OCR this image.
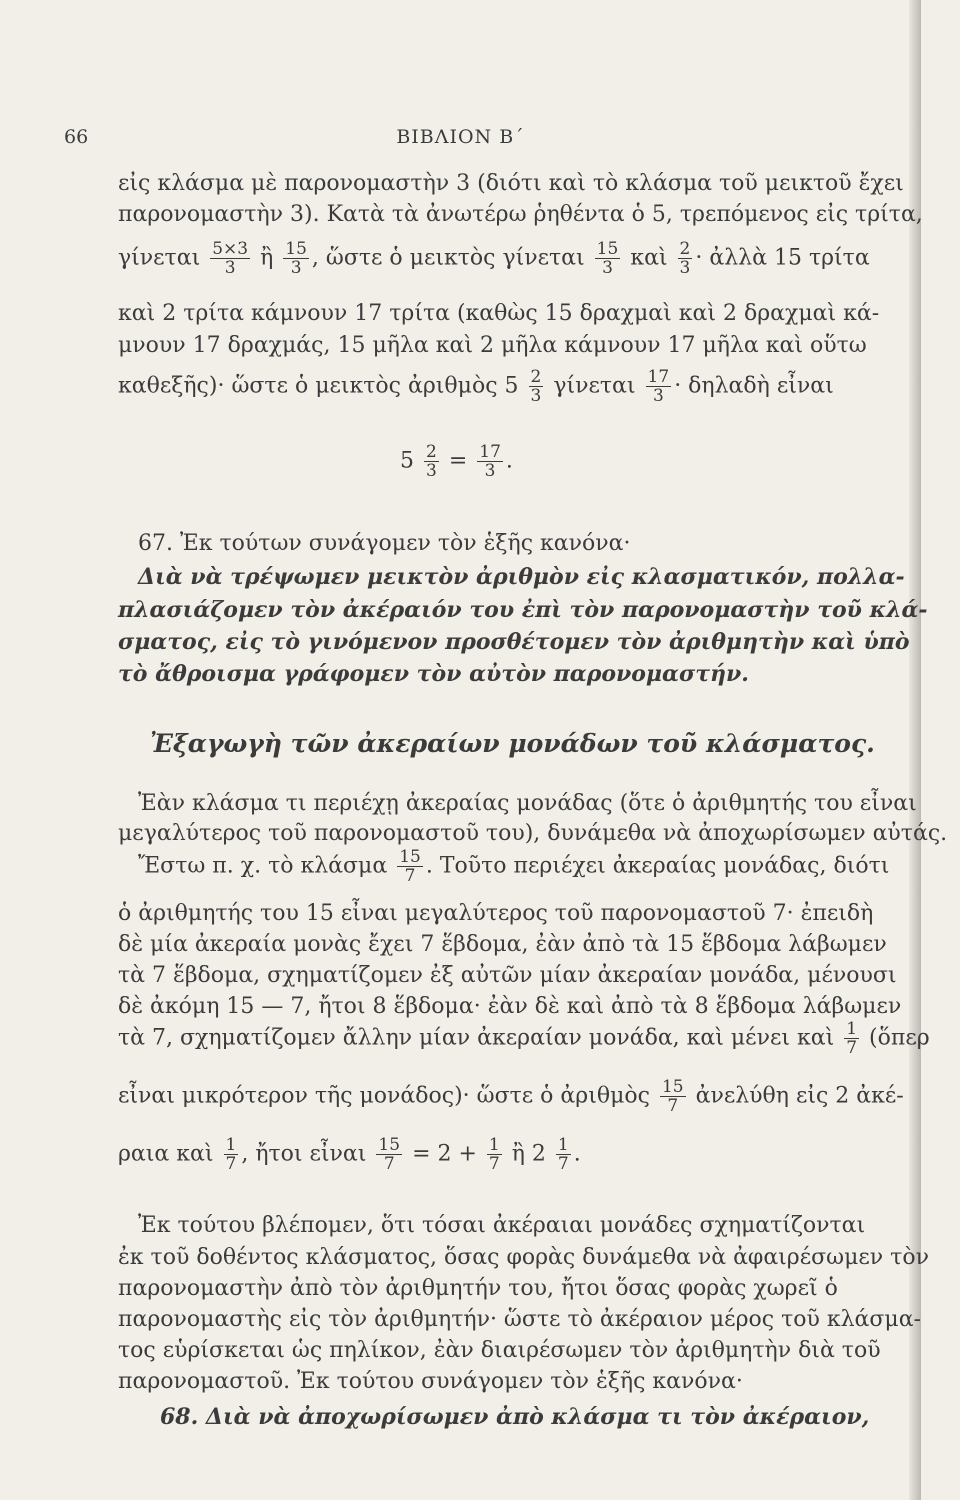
66	ΒΙΒΛΙΟΝ Β΄
εἰς κλάσμα μὲ παρονομαστὴν 3 (διότι καὶ τὸ κλάσμα τοῦ μεικτοῦ ἔχει
παρονομαστὴν 3). Κατὰ τὰ ἀνωτέρω ῥηθέντα ὁ 5, τρεπόμενος εἰς τρίτα,
γίνεται $\frac{5\times 3}{3}$ ἢ $\frac{15}{3}$ , ὥστε ὁ μεικτὸς γίνεται $\frac{15}{3}$ καὶ $\frac{2}{3}$ · ἀλλὰ 15 τρίτα
καὶ 2 τρίτα κάμνουν 17 τρίτα (καθὼς 15 δραχμαὶ καὶ 2 δραχμαὶ κά-
μνουν 17 δραχμάς, 15 μῆλα καὶ 2 μῆλα κάμνουν 17 μῆλα καὶ οὕτω
καθεξῆς)· ὥστε ὁ μεικτὸς ἀριθμὸς $5 \frac{2}{3}$ γίνεται $\frac{17}{3}$ · δηλαδὴ εἶναι
$5 \frac{2}{3} = \frac{17}{3}$ .
67. Ἐκ τούτων συνάγομεν τὸν ἑξῆς κανόνα·
Διὰ νὰ τρέψωμεν μεικτὸν ἀριθμὸν εἰς κλασματικόν, πολλα-
πλασιάζομεν τὸν ἀκέραιόν του ἐπὶ τὸν παρονομαστὴν τοῦ κλά-
σματος, εἰς τὸ γινόμενον προσθέτομεν τὸν ἀριθμητὴν καὶ ὑπὸ
τὸ ἄθροισμα γράφομεν τὸν αὐτὸν παρονομαστήν.
Ἐξαγωγὴ τῶν ἀκεραίων μονάδων τοῦ κλάσματος.
Ἐὰν κλάσμα τι περιέχῃ ἀκεραίας μονάδας (ὅτε ὁ ἀριθμητής του εἶναι
μεγαλύτερος τοῦ παρονομαστοῦ του), δυνάμεθα νὰ ἀποχωρίσωμεν αὐτάς.
Ἔστω π. χ. τὸ κλάσμα $\frac{15}{7}$ . Τοῦτο περιέχει ἀκεραίας μονάδας, διότι
ὁ ἀριθμητής του 15 εἶναι μεγαλύτερος τοῦ παρονομαστοῦ 7· ἐπειδὴ
δὲ μία ἀκεραία μονὰς ἔχει 7 ἕβδομα, ἐὰν ἀπὸ τὰ 15 ἕβδομα λάβωμεν
τὰ 7 ἕβδομα, σχηματίζομεν ἐξ αὐτῶν μίαν ἀκεραίαν μονάδα, μένουσι
δὲ ἀκόμη 15 — 7, ἤτοι 8 ἕβδομα· ἐὰν δὲ καὶ ἀπὸ τὰ 8 ἕβδομα λάβωμεν
τὰ 7, σχηματίζομεν ἄλλην μίαν ἀκεραίαν μονάδα, καὶ μένει καὶ $\frac{1}{7}$ (ὅπερ
εἶναι μικρότερον τῆς μονάδος)· ὥστε ὁ ἀριθμὸς $\frac{15}{7}$ ἀνελύθη εἰς 2 ἀκέ-
ραια καὶ $\frac{1}{7}$ , ἤτοι εἶναι $\frac{15}{7} = 2 + \frac{1}{7}$ ἢ $2 \frac{1}{7}$ .
Ἐκ τούτου βλέπομεν, ὅτι τόσαι ἀκέραιαι μονάδες σχηματίζονται
ἐκ τοῦ δοθέντος κλάσματος, ὅσας φορὰς δυνάμεθα νὰ ἀφαιρέσωμεν τὸν
παρονομαστὴν ἀπὸ τὸν ἀριθμητήν του, ἤτοι ὅσας φορὰς χωρεῖ ὁ
παρονομαστὴς εἰς τὸν ἀριθμητήν· ὥστε τὸ ἀκέραιον μέρος τοῦ κλάσμα-
τος εὑρίσκεται ὡς πηλίκον, ἐὰν διαιρέσωμεν τὸν ἀριθμητὴν διὰ τοῦ
παρονομαστοῦ. Ἐκ τούτου συνάγομεν τὸν ἑξῆς κανόνα·
68. Διὰ νὰ ἀποχωρίσωμεν ἀπὸ κλάσμα τι τὸν ἀκέραιον,
